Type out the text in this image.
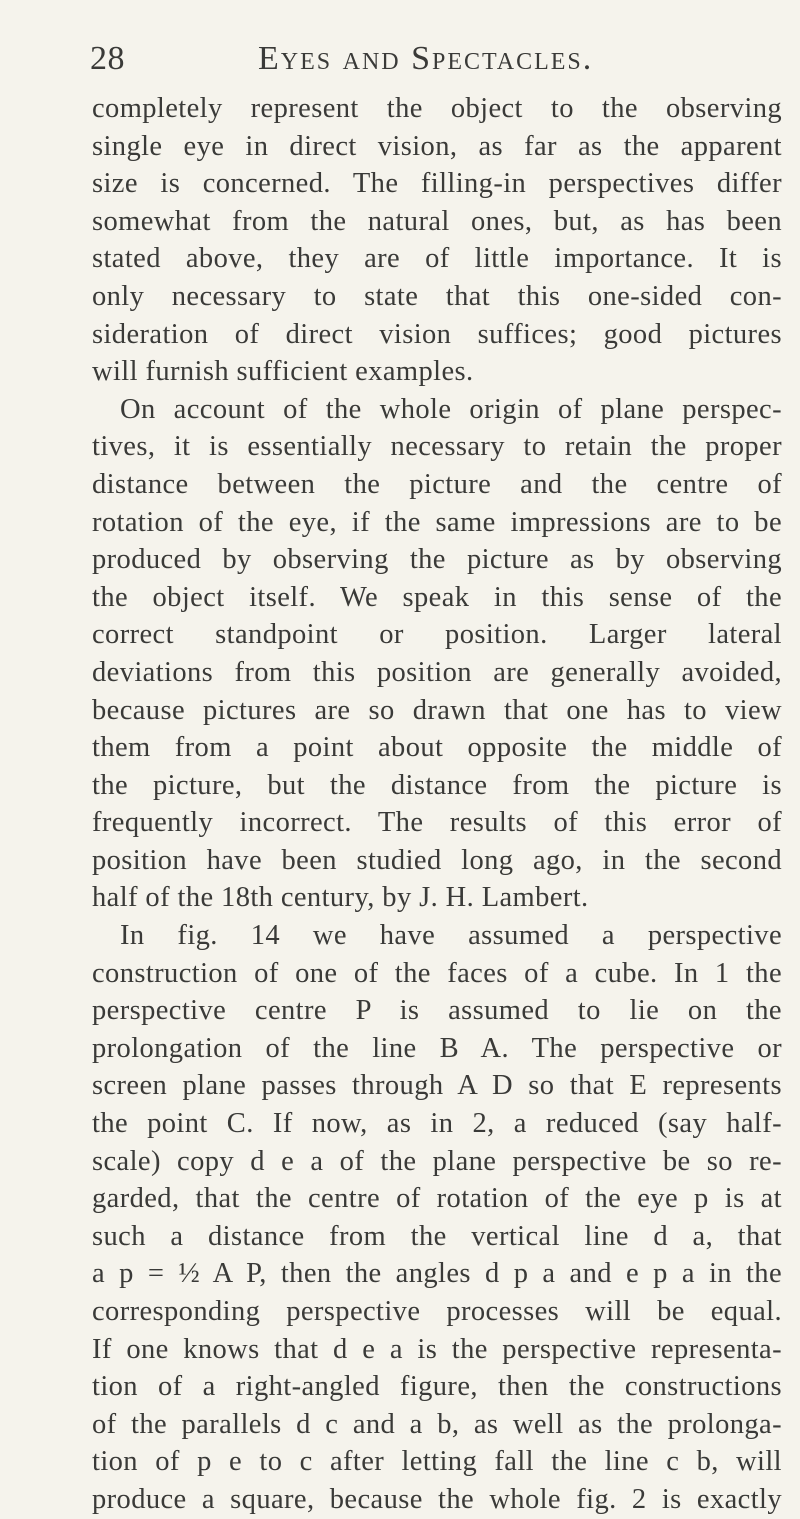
28	Eyes and Spectacles.

completely represent the object to the observing

single eye in direct vision, as far as the apparent

size is concerned. The filling-in perspectives differ

somewhat from the natural ones, but, as has been

stated above, they are of little importance. It is

only necessary to state that this one-sided con-

sideration of direct vision suffices; good pictures

will furnish sufficient examples.

On account of the whole origin of plane perspec-

tives, it is essentially necessary to retain the proper

distance between the picture and the centre of

rotation of the eye, if the same impressions are to be

produced by observing the picture as by observing

the object itself. We speak in this sense of the

correct standpoint or position. Larger lateral

deviations from this position are generally avoided,

because pictures are so drawn that one has to view

them from a point about opposite the middle of

the picture, but the distance from the picture is

frequently incorrect. The results of this error of

position have been studied long ago, in the second

half of the 18th century, by J. H. Lambert.

In fig. 14 we have assumed a perspective

construction of one of the faces of a cube. In 1 the

perspective centre P is assumed to lie on the

prolongation of the line B A. The perspective or

screen plane passes through A D so that E represents

the point C. If now, as in 2, a reduced (say half-

scale) copy d e a of the plane perspective be so re-

garded, that the centre of rotation of the eye p is at

such a distance from the vertical line d a, that

a p = ½ A P, then the angles d p a and e p a in the

corresponding perspective processes will be equal.

If one knows that d e a is the perspective representa-

tion of a right-angled figure, then the constructions

of the parallels d c and a b, as well as the prolonga-

tion of p e to c after letting fall the line c b, will

produce a square, because the whole fig. 2 is exactly
